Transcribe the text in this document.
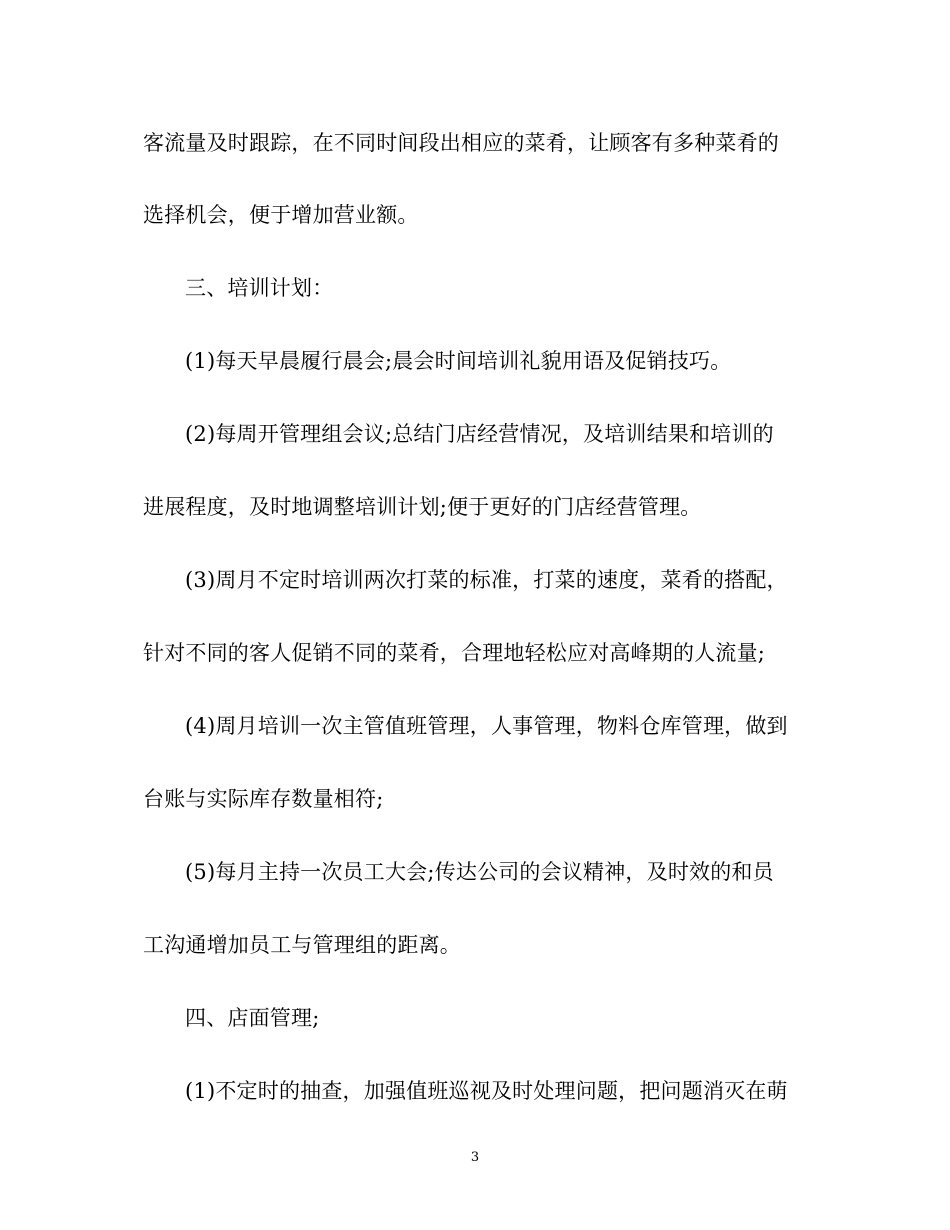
客流量及时跟踪，在不同时间段出相应的菜肴，让顾客有多种菜肴的
选择机会，便于增加营业额。
三、培训计划：
(1)每天早晨履行晨会;晨会时间培训礼貌用语及促销技巧。
(2)每周开管理组会议;总结门店经营情况，及培训结果和培训的
进展程度，及时地调整培训计划;便于更好的门店经营管理。
(3)周月不定时培训两次打菜的标准，打菜的速度，菜肴的搭配，
针对不同的客人促销不同的菜肴，合理地轻松应对高峰期的人流量;
(4)周月培训一次主管值班管理，人事管理，物料仓库管理，做到
台账与实际库存数量相符;
(5)每月主持一次员工大会;传达公司的会议精神，及时效的和员
工沟通增加员工与管理组的距离。
四、店面管理;
(1)不定时的抽查，加强值班巡视及时处理问题，把问题消灭在萌
3
